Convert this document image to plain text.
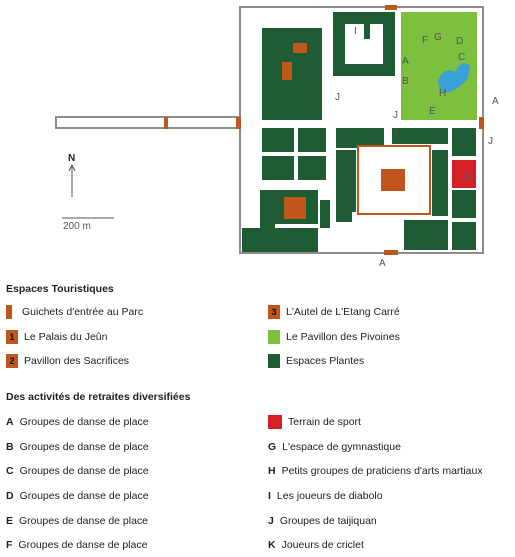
A
A
A
B
C
D
E
F G
H
I
J
J
J
J
K
N
200 m
Espaces Touristiques
Guichets d'entrée au Parc	3 L'Autel de L'Etang Carré
1 Le Palais du Jeûn	Le Pavillon des Pivoines
2 Pavillon des Sacrifices	Espaces Plantes
Des activités de retraites diversifiées
A Groupes de danse de place	Terrain de sport
B Groupes de danse de place	G L'espace de gymnastique
C Groupes de danse de place	H Petits groupes de praticiens d'arts martiaux
D Groupes de danse de place	I Les joueurs de diabolo
E Groupes de danse de place	J Groupes de taijiquan
F Groupes de danse de place	K Joueurs de criclet
